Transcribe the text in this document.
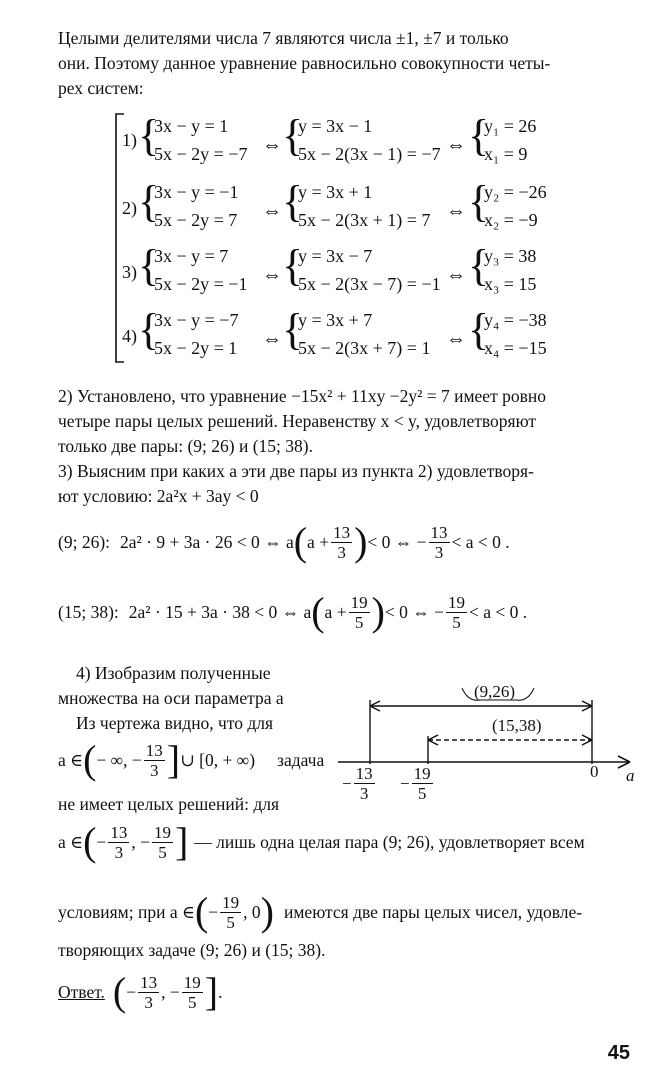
Целыми делителями числа 7 являются числа ±1, ±7 и только
они. Поэтому данное уравнение равносильно совокупности четы-
рех систем:
1) {
3x − y = 1
5x − 2y = −7 ⇔ {
y = 3x − 1
5x − 2(3x − 1) = −7 ⇔ {
y₁ = 26
x₁ = 9
2) {
3x − y = −1
5x − 2y = 7 ⇔ {
y = 3x + 1
5x − 2(3x + 1) = 7 ⇔ {
y₂ = −26
x₂ = −9
3) {
3x − y = 7
5x − 2y = −1 ⇔ {
y = 3x − 7
5x − 2(3x − 7) = −1 ⇔ {
y₃ = 38
x₃ = 15
4) {
3x − y = −7
5x − 2y = 1 ⇔ {
y = 3x + 7
5x − 2(3x + 7) = 1 ⇔ {
y₄ = −38
x₄ = −15
2) Установлено, что уравнение −15x² + 11xy −2y² = 7 имеет ровно
четыре пары целых решений. Неравенству x < y, удовлетворяют
только две пары: (9; 26) и (15; 38).
3) Выясним при каких a эти две пары из пункта 2) удовлетворя-
ют условию: 2a²x + 3ay < 0
(9; 26): 2a² · 9 + 3a · 26 < 0 ⇔ a ( $a + \frac{13}{3}$ ) < 0 ⇔ − $\frac{13}{3} < a < 0$ .
(15; 38): 2a² · 15 + 3a · 38 < 0 ⇔ a ( $a + \frac{19}{5}$ ) < 0 ⇔ − $\frac{19}{5} < a < 0$ .
4) Изобразим полученные
множества на оси параметра a
Из чертежа видно, что для
a ∈ ( − ∞, − $\frac{13}{3}$ ] ∪ [0, + ∞) задача
не имеет целых решений: для
a ∈ ( − $\frac{13}{3}$ , − $\frac{19}{5}$ ] — лишь одна целая пара (9; 26), удовлетворяет всем
условиям; при a ∈ ( − $\frac{19}{5}$ , 0 ) имеются две пары целых чисел, удовле-
творяющих задаче (9; 26) и (15; 38).
(9,26)
(15,38)
0 a
− $\frac{13}{3} - \frac{19}{5}$
Ответ. ( − $\frac{13}{3}$ , − $\frac{19}{5}$ ] .
45
